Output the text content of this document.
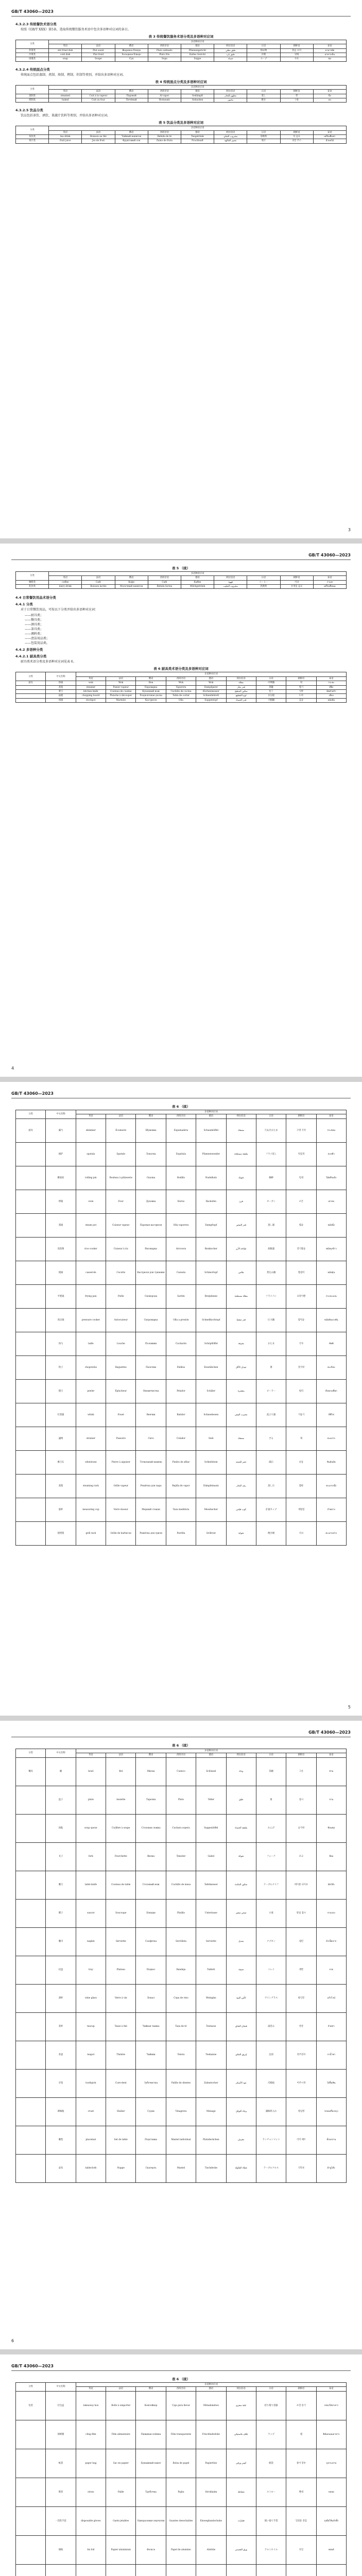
GB/T 43060—2023
4.3.2.3 传统餐饮术语分类
按照《GB/T XXX》第5条，选取传统餐饮服务术语中包含多语种对应词的条目。
表 3 传统餐饮服务术语分类及多语种对应词
分类	多语种对应词								
	英语	法语	俄语	西班牙语	德语	阿拉伯语	日语	朝鲜语	泰语
热菜类	stir-fried dish	Plat sauté	Жареное блюдо	Plato salteado	Pfannengericht	طبق مقلي	炒め物	볶음 요리	อาหารผัด
冷菜类	cold dish	Plat froid	Холодное блюдо	Plato frío	Kaltes Gericht	طبق بارد	冷菜	냉채	อาหารเย็น
汤羹类	soup	Soupe	Суп	Sopa	Suppe	حساء	スープ	수프	ซุป
4.3.2.4 传统面点分类
传统面点包括蒸制、煮制、烙制、烤制、炸制等类别，并给出多语种对应词。
表 4 传统面点分类及多语种对应词
分类	多语种对应词								
	英语	法语	俄语	西班牙语	德语	阿拉伯语	日语	朝鲜语	泰语
蒸制类	steamed	Cuit à la vapeur	Паровой	Al vapor	Gedämpft	مطهو بالبخار	蒸し	찐	นึ่ง
烤制类	baked	Cuit au four	Печёный	Horneado	Gebacken	مخبوز	焼き	구운	อบ
4.3.2.5 饮品分类
饮品包括茶饮、酒饮、果蔬汁饮料等类别，并给出多语种对应词。
表 5 饮品分类及多语种对应词
分类	多语种对应词								
	英语	法语	俄语	西班牙语	德语	阿拉伯语	日语	朝鲜语	泰语
茶饮类	tea drink	Boisson au thé	Чайный напиток	Bebida de té	Teegetränk	مشروب الشاي	茶飲料	차 음료	เครื่องดื่มชา
果汁类	fruit juice	Jus de fruit	Фруктовый сок	Zumo de fruta	Fruchtsaft	عصير الفاكهة	果汁	과일 주스	น้ำผลไม้
3
GB/T 43060—2023
表 5 （续）
分类	多语种对应词								
	英语	法语	俄语	西班牙语	德语	阿拉伯语	日语	朝鲜语	泰语
咖啡类	coffee	Café	Кофе	Café	Kaffee	قهوة	コーヒー	커피	กาแฟ
乳饮类	dairy drink	Boisson lactée	Молочный напиток	Bebida láctea	Milchgetränk	مشروب الحليب	乳飲料	유제품 음료	เครื่องดื่มนม
4.4 日常餐饮用品术语分类
4.4.1 分类
对于日常餐饮用品，可按以下分类并给出多语种对应词：
——厨具类；
——餐具类；
——酒具类；
——茶具类；
——调料类；
——清洁用品类；
——包装用品类。
4.4.2 多语种分类
4.4.2.1 厨具类分类
厨具类术语分类及多语种对应词见表 6。
表 6 厨具类术语分类及多语种对应词
分类	中文名称	多语种对应词								
		英语	法语	俄语	西班牙语	德语	阿拉伯语	日语	朝鲜语	泰语
厨具	炒锅	wok	Wok	Вок	Wok	Wok	مقلاة	中華鍋	웍	กระทะ
	蒸笼	steamer	Panier vapeur	Пароварка	Vaporera	Dampfgarer	قدر بخار	蒸籠	찜기	ที่นึ่ง
	菜刀	kitchen knife	Couteau de cuisine	Кухонный нож	Cuchillo de cocina	Küchenmesser	سكين المطبخ	包丁	식칼	มีดทำครัว
	砧板	chopping board	Planche à découper	Разделочная доска	Tabla de cortar	Schneidebrett	لوح التقطيع	まな板	도마	เขียง
	汤锅	stockpot	Marmite	Кастрюля	Olla	Suppentopf	قدر الحساء	寸胴鍋	곰솥	หม้อต้ม
4
GB/T 43060—2023
表 6 （续）
分类	中文名称	多语种对应词								
		英语	法语	俄语	西班牙语	德语	阿拉伯语	日语	朝鲜语	泰语
厨具	漏勺	skimmer	Écumoire	Шумовка	Espumadera	Schaumlöffel	مصفاة	穴あきおたま	구멍 국자	กระชอน
	锅铲	spatula	Spatule	Лопатка	Espátula	Pfannenwender	ملعقة مسطحة	フライ返し	뒤집개	ตะหลิว
	擀面杖	rolling pin	Rouleau à pâtisserie	Скалка	Rodillo	Nudelholz	شوبك	麺棒	밀대	ไม้คลึงแป้ง
	烤箱	oven	Four	Духовка	Horno	Backofen	فرن	オーブン	오븐	เตาอบ
	蒸锅	steam pot	Cuiseur vapeur	Паровая кастрюля	Olla vaporera	Dampftopf	قدر التبخير	蒸し器	찜솥	หม้อนึ่ง
	电饭煲	rice cooker	Cuiseur à riz	Рисоварка	Arrocera	Reiskocher	طباخة الأرز	炊飯器	전기밥솥	หม้อหุงข้าว
	炖锅	casserole	Cocotte	Кастрюля для тушения	Cazuela	Schmortopf	طاجن	煮込み鍋	찜냄비	หม้อตุ๋น
	平底锅	frying pan	Poêle	Сковорода	Sartén	Bratpfanne	مقلاة مسطحة	フライパン	프라이팬	กระทะแบน
	高压锅	pressure cooker	Autocuiseur	Скороварка	Olla a presión	Schnellkochtopf	قدر ضغط	圧力鍋	압력솥	หม้ออัดแรงดัน
	汤勺	ladle	Louche	Половник	Cucharón	Schöpflöffel	مغرفة	おたま	국자	ทัพพี
	筷子	chopsticks	Baguettes	Палочки	Palillos	Essstäbchen	عيدان الأكل	箸	젓가락	ตะเกียบ
	刨刀	peeler	Éplucheur	Овощечистка	Pelador	Schäler	مقشرة	ピーラー	필러	ที่ปอกเปลือก
	打蛋器	whisk	Fouet	Венчик	Batidor	Schneebesen	مضرب البيض	泡立て器	거품기	ที่ตีไข่
	滤网	strainer	Passoire	Сито	Colador	Sieb	مصفاة	ざる	체	ตะแกรง
	磨刀石	whetstone	Pierre à aiguiser	Точильный камень	Piedra de afilar	Schleifstein	حجر الشحذ	砥石	숫돌	หินลับมีด
	蒸架	steaming rack	Grille vapeur	Решётка для пара	Rejilla de vapor	Dämpfeinsatz	رف البخار	蒸し台	찜판	ตะแกรงนึ่ง
	量杯	measuring cup	Verre doseur	Мерный стакан	Taza medidora	Messbecher	كوب قياس	計量カップ	계량컵	ถ้วยตวง
	烧烤架	grill rack	Grille de barbecue	Решётка для гриля	Parrilla	Grillrost	شواية	焼き網	석쇠	ตะแกรงย่าง
5
GB/T 43060—2023
表 6 （续）
分类	中文名称	多语种对应词								
		英语	法语	俄语	西班牙语	德语	阿拉伯语	日语	朝鲜语	泰语
餐具	碗	bowl	Bol	Миска	Cuenco	Schüssel	وعاء	茶碗	그릇	ชาม
	盘子	plate	Assiette	Тарелка	Plato	Teller	طبق	皿	접시	จาน
	汤匙	soup spoon	Cuillère à soupe	Столовая ложка	Cuchara sopera	Suppenlöffel	ملعقة الحساء	れんげ	숟가락	ช้อนซุป
	叉子	fork	Fourchette	Вилка	Tenedor	Gabel	شوكة	フォーク	포크	ส้อม
	餐刀	table knife	Couteau de table	Столовый нож	Cuchillo de mesa	Tafelmesser	سكين المائدة	テーブルナイフ	테이블 나이프	มีดโต๊ะ
	碟子	saucer	Soucoupe	Блюдце	Platillo	Untertasse	صحن صغير	小皿	받침 접시	จานรอง
	餐巾	napkin	Serviette	Салфетка	Servilleta	Serviette	منديل	ナプキン	냅킨	ผ้าเช็ดปาก
	托盘	tray	Plateau	Поднос	Bandeja	Tablett	صينية	トレイ	쟁반	ถาด
	酒杯	wine glass	Verre à vin	Бокал	Copa de vino	Weinglas	كأس النبيذ	ワイングラス	와인잔	แก้วไวน์
	茶杯	teacup	Tasse à thé	Чайная чашка	Taza de té	Teetasse	فنجان الشاي	湯呑み	찻잔	ถ้วยชา
	茶壶	teapot	Théière	Чайник	Tetera	Teekanne	إبريق الشاي	急須	찻주전자	กาน้ำชา
	牙签	toothpick	Cure-dent	Зубочистка	Palillo de dientes	Zahnstocher	عود الأسنان	爪楊枝	이쑤시개	ไม้จิ้มฟัน
	调味瓶	cruet	Huilier	Судок	Vinagrera	Menage	وعاء التوابل	調味料入れ	양념병	ขวดเครื่องปรุง
	餐垫	placemat	Set de table	Подставка	Mantel individual	Platzdeckchen	مفرش	ランチョンマット	식탁 매트	ที่รองจาน
	桌布	tablecloth	Nappe	Скатерть	Mantel	Tischdecke	غطاء الطاولة	テーブルクロス	식탁보	ผ้าปูโต๊ะ
6
GB/T 43060—2023
表 6 （续）
分类	中文名称	多语种对应词								
		英语	法语	俄语	西班牙语	德语	阿拉伯语	日语	朝鲜语	泰语
包装	打包盒	takeaway box	Boîte à emporter	Контейнер	Caja para llevar	Mitnahmebox	علبة سفري	持ち帰り容器	포장 용기	กล่องใส่อาหาร
	保鲜膜	cling film	Film alimentaire	Пищевая плёнка	Film transparente	Frischhaltefolie	غلاف بلاستيكي	ラップ	랩	ฟิล์มถนอมอาหาร
	纸袋	paper bag	Sac en papier	Бумажный пакет	Bolsa de papel	Papiertüte	كيس ورقي	紙袋	종이 봉투	ถุงกระดาษ
	吸管	straw	Paille	Трубочка	Pajita	Strohhalm	شفاطة	ストロー	빨대	หลอด
	一次性手套	disposable gloves	Gants jetables	Одноразовые перчатки	Guantes desechables	Einweghandschuhe	قفازات	使い捨て手袋	일회용 장갑	ถุงมือใช้แล้วทิ้ง
	锡纸	tin foil	Papier aluminium	Фольга	Papel de aluminio	Alufolie	ورق القصدير	アルミホイル	호일	ฟอยล์
